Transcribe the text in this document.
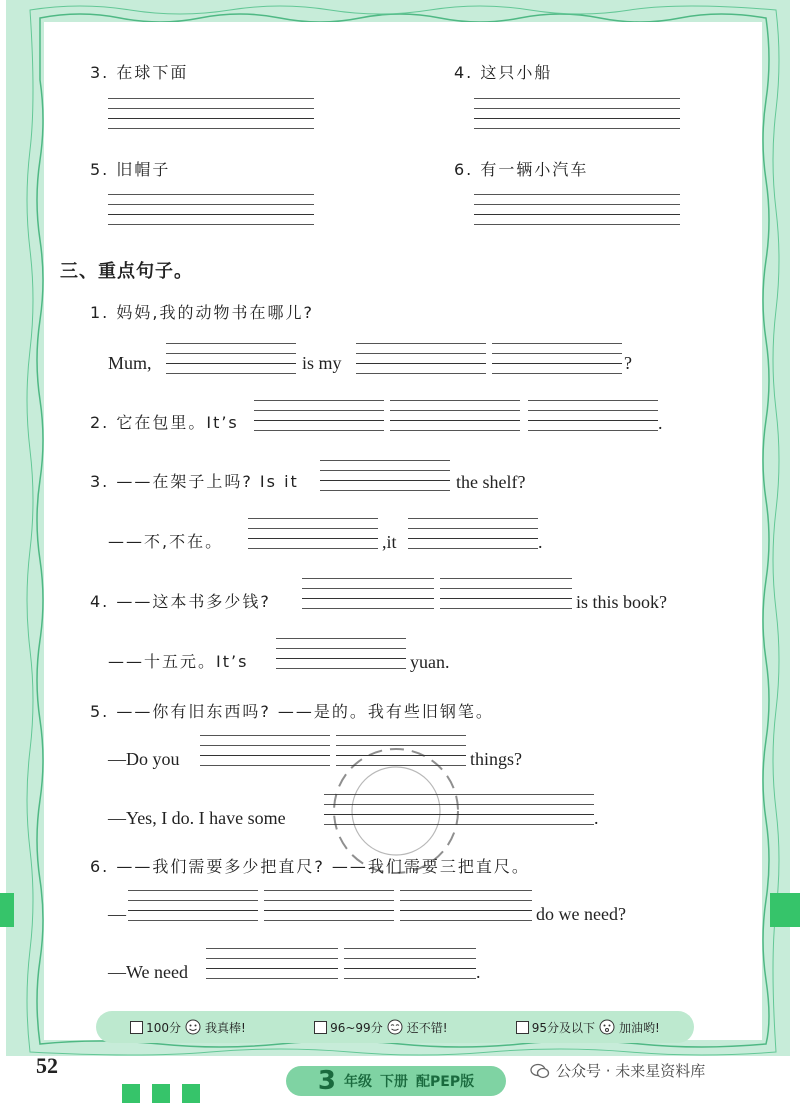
3. 在球下面	4. 这只小船
5. 旧帽子	6. 有一辆小汽车
三、重点句子。
1. 妈妈,我的动物书在哪儿?
Mum,	is my	?
2. 它在包里。It’s	.
3. ——在架子上吗? Is it	the shelf?
——不,不在。	,it	.
4. ——这本书多少钱?	is this book?
——十五元。It’s	yuan.
5. ——你有旧东西吗? ——是的。我有些旧钢笔。
—Do you	things?
—Yes, I do. I have some	.
6. ——我们需要多少把直尺? ——我们需要三把直尺。
—	do we need?
—We need	.
100分 我真棒!	96~99分 还不错!	95分及以下 加油哟!
52
3 年级 下册 配PEP版
公众号 · 未来星资料库
